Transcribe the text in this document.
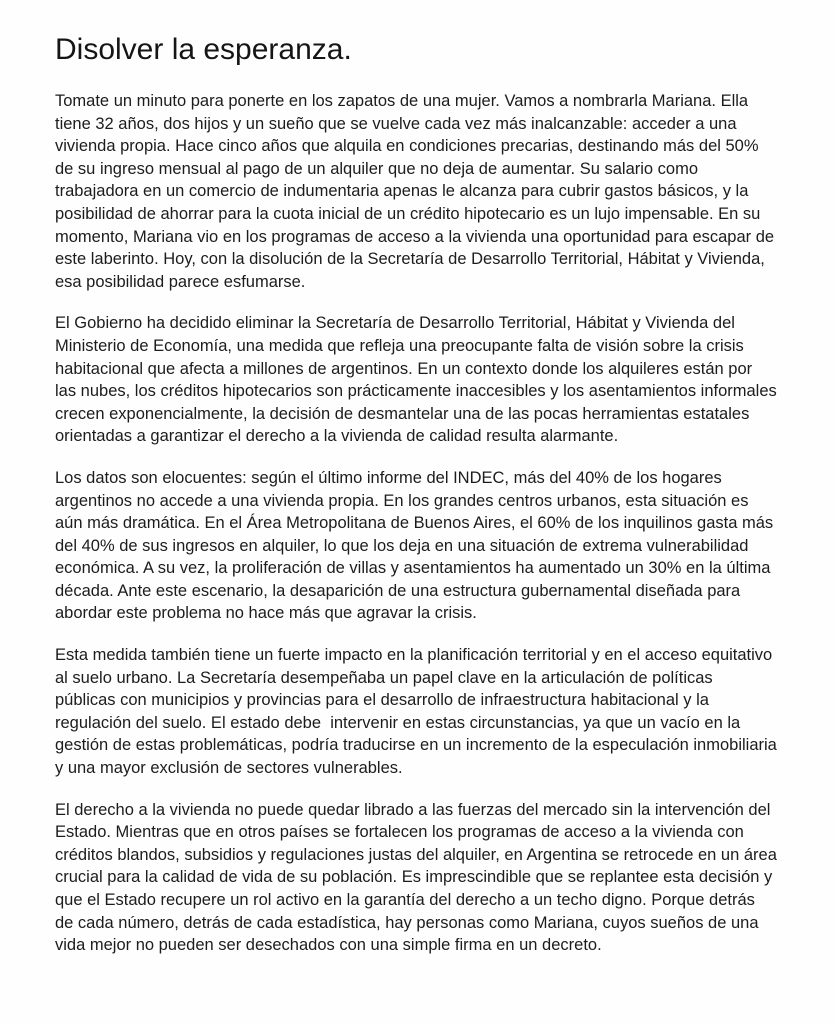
Disolver la esperanza.

Tomate un minuto para ponerte en los zapatos de una mujer. Vamos a nombrarla Mariana. Ella tiene 32 años, dos hijos y un sueño que se vuelve cada vez más inalcanzable: acceder a una vivienda propia. Hace cinco años que alquila en condiciones precarias, destinando más del 50% de su ingreso mensual al pago de un alquiler que no deja de aumentar. Su salario como trabajadora en un comercio de indumentaria apenas le alcanza para cubrir gastos básicos, y la posibilidad de ahorrar para la cuota inicial de un crédito hipotecario es un lujo impensable. En su momento, Mariana vio en los programas de acceso a la vivienda una oportunidad para escapar de este laberinto. Hoy, con la disolución de la Secretaría de Desarrollo Territorial, Hábitat y Vivienda, esa posibilidad parece esfumarse.

El Gobierno ha decidido eliminar la Secretaría de Desarrollo Territorial, Hábitat y Vivienda del Ministerio de Economía, una medida que refleja una preocupante falta de visión sobre la crisis habitacional que afecta a millones de argentinos. En un contexto donde los alquileres están por las nubes, los créditos hipotecarios son prácticamente inaccesibles y los asentamientos informales crecen exponencialmente, la decisión de desmantelar una de las pocas herramientas estatales orientadas a garantizar el derecho a la vivienda de calidad resulta alarmante.

Los datos son elocuentes: según el último informe del INDEC, más del 40% de los hogares argentinos no accede a una vivienda propia. En los grandes centros urbanos, esta situación es aún más dramática. En el Área Metropolitana de Buenos Aires, el 60% de los inquilinos gasta más del 40% de sus ingresos en alquiler, lo que los deja en una situación de extrema vulnerabilidad económica. A su vez, la proliferación de villas y asentamientos ha aumentado un 30% en la última década. Ante este escenario, la desaparición de una estructura gubernamental diseñada para abordar este problema no hace más que agravar la crisis.

Esta medida también tiene un fuerte impacto en la planificación territorial y en el acceso equitativo al suelo urbano. La Secretaría desempeñaba un papel clave en la articulación de políticas públicas con municipios y provincias para el desarrollo de infraestructura habitacional y la regulación del suelo. El estado debe  intervenir en estas circunstancias, ya que un vacío en la gestión de estas problemáticas, podría traducirse en un incremento de la especulación inmobiliaria y una mayor exclusión de sectores vulnerables.

El derecho a la vivienda no puede quedar librado a las fuerzas del mercado sin la intervención del Estado. Mientras que en otros países se fortalecen los programas de acceso a la vivienda con créditos blandos, subsidios y regulaciones justas del alquiler, en Argentina se retrocede en un área crucial para la calidad de vida de su población. Es imprescindible que se replantee esta decisión y que el Estado recupere un rol activo en la garantía del derecho a un techo digno. Porque detrás de cada número, detrás de cada estadística, hay personas como Mariana, cuyos sueños de una vida mejor no pueden ser desechados con una simple firma en un decreto.
